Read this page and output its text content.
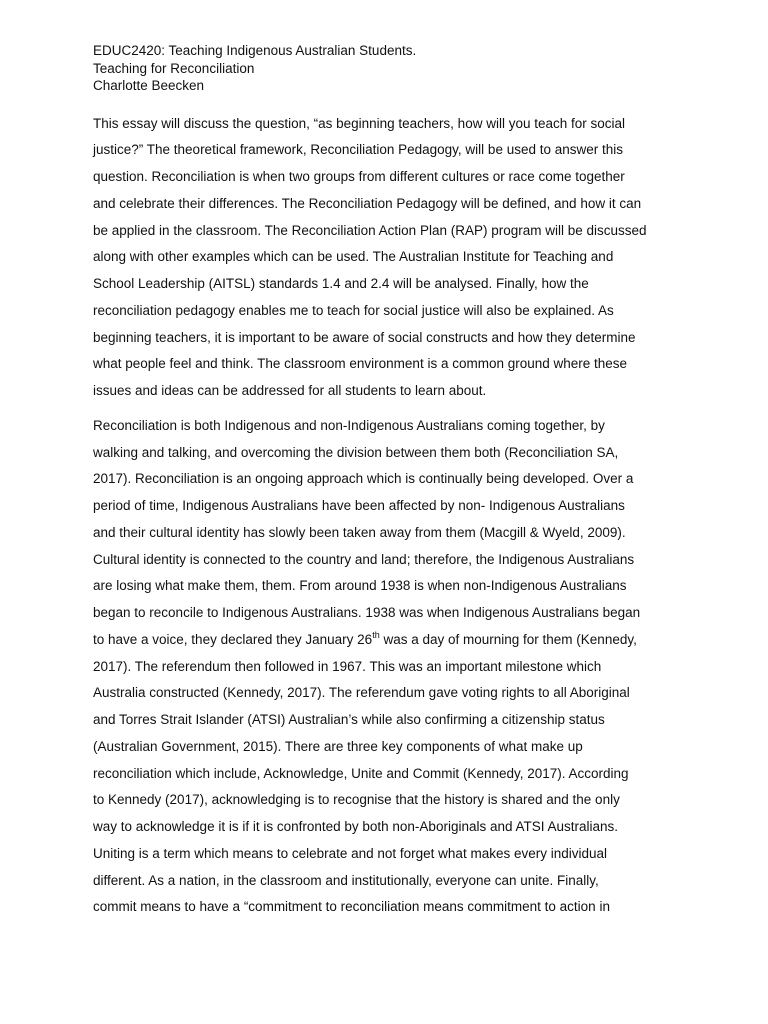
EDUC2420: Teaching Indigenous Australian Students.

Teaching for Reconciliation

Charlotte Beecken

This essay will discuss the question, “as beginning teachers, how will you teach for social
justice?” The theoretical framework, Reconciliation Pedagogy, will be used to answer this
question. Reconciliation is when two groups from different cultures or race come together
and celebrate their differences. The Reconciliation Pedagogy will be defined, and how it can
be applied in the classroom. The Reconciliation Action Plan (RAP) program will be discussed
along with other examples which can be used. The Australian Institute for Teaching and
School Leadership (AITSL) standards 1.4 and 2.4 will be analysed. Finally, how the
reconciliation pedagogy enables me to teach for social justice will also be explained. As
beginning teachers, it is important to be aware of social constructs and how they determine
what people feel and think. The classroom environment is a common ground where these
issues and ideas can be addressed for all students to learn about.

Reconciliation is both Indigenous and non-Indigenous Australians coming together, by
walking and talking, and overcoming the division between them both (Reconciliation SA,
2017). Reconciliation is an ongoing approach which is continually being developed. Over a
period of time, Indigenous Australians have been affected by non- Indigenous Australians
and their cultural identity has slowly been taken away from them (Macgill & Wyeld, 2009).
Cultural identity is connected to the country and land; therefore, the Indigenous Australians
are losing what make them, them. From around 1938 is when non-Indigenous Australians
began to reconcile to Indigenous Australians. 1938 was when Indigenous Australians began
to have a voice, they declared they January 26th was a day of mourning for them (Kennedy,
2017). The referendum then followed in 1967. This was an important milestone which
Australia constructed (Kennedy, 2017). The referendum gave voting rights to all Aboriginal
and Torres Strait Islander (ATSI) Australian’s while also confirming a citizenship status
(Australian Government, 2015). There are three key components of what make up
reconciliation which include, Acknowledge, Unite and Commit (Kennedy, 2017). According
to Kennedy (2017), acknowledging is to recognise that the history is shared and the only
way to acknowledge it is if it is confronted by both non-Aboriginals and ATSI Australians.
Uniting is a term which means to celebrate and not forget what makes every individual
different. As a nation, in the classroom and institutionally, everyone can unite. Finally,
commit means to have a “commitment to reconciliation means commitment to action in
